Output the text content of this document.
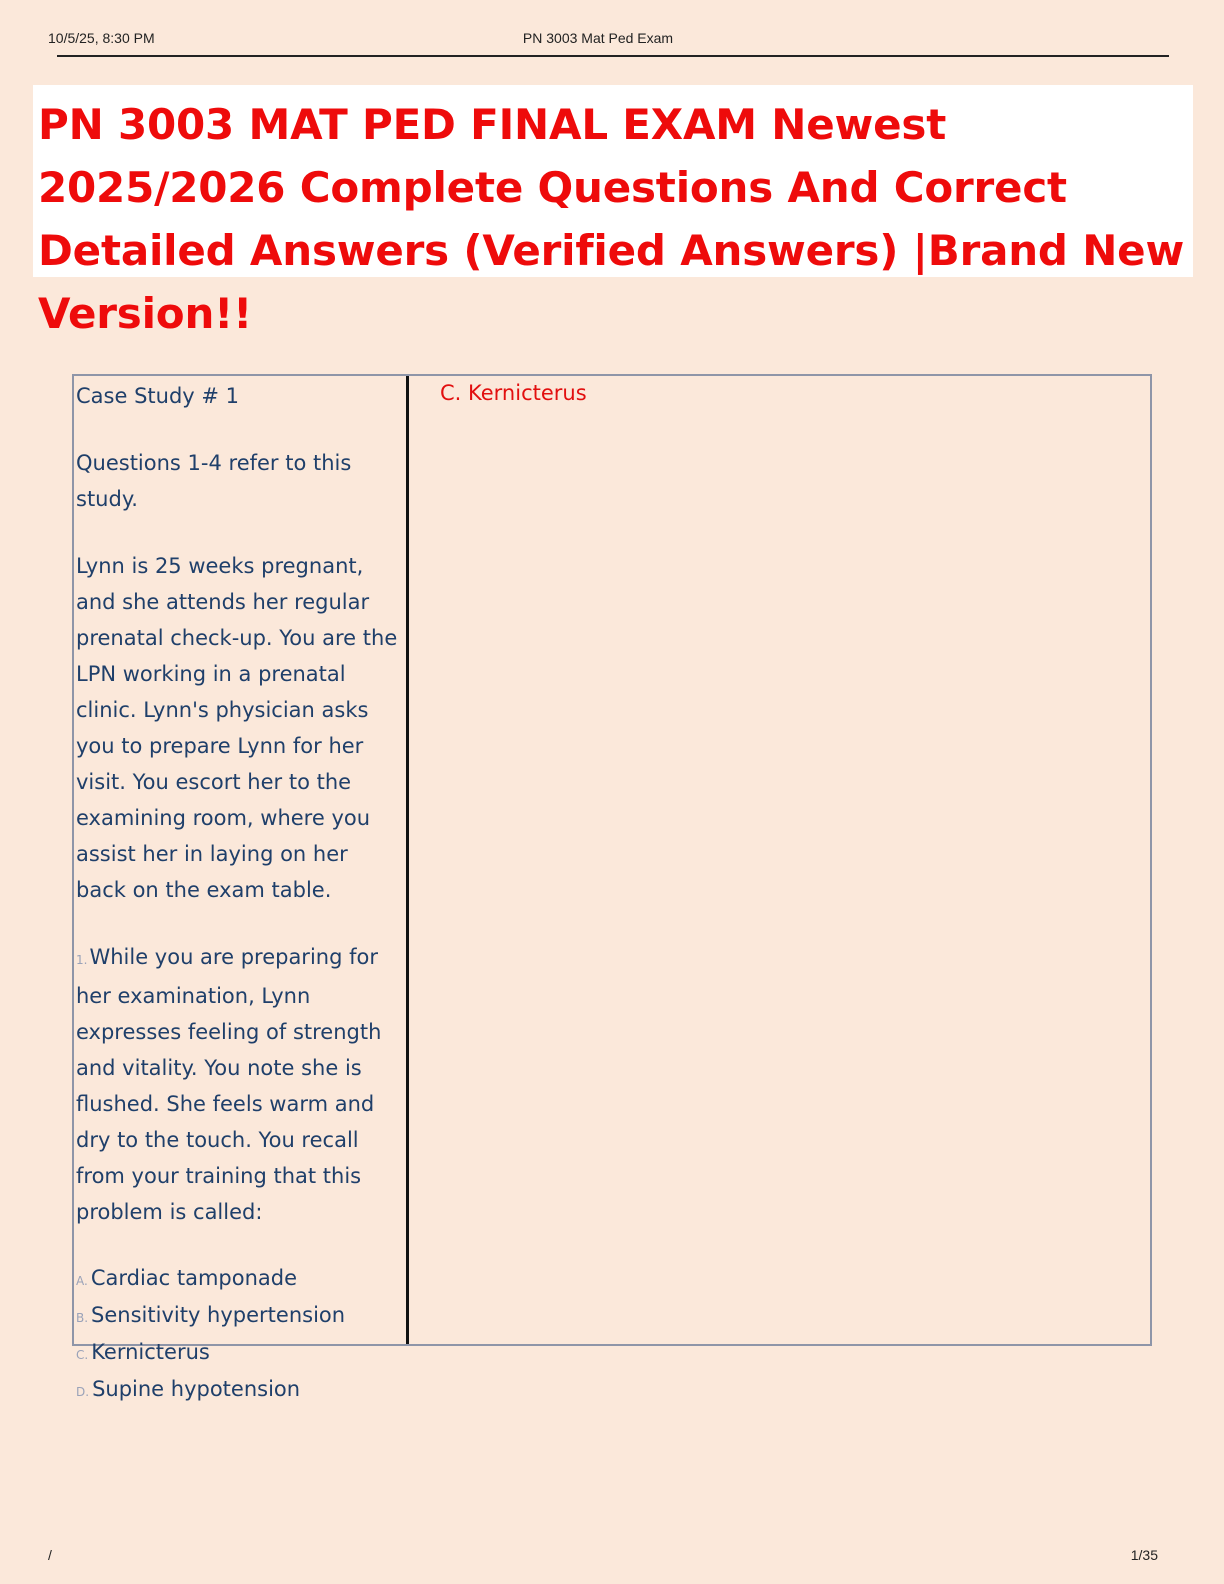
10/5/25, 8:30 PM	PN 3003 Mat Ped Exam
PN 3003 MAT PED FINAL EXAM Newest 2025/2026 Complete Questions And Correct Detailed Answers (Verified Answers) |Brand New Version!!

Case Study # 1

Questions 1-4 refer to this study.

Lynn is 25 weeks pregnant, and she attends her regular prenatal check-up. You are the LPN working in a prenatal clinic. Lynn's physician asks you to prepare Lynn for her visit. You escort her to the examining room, where you assist her in laying on her back on the exam table.

1.While you are preparing for her examination, Lynn expresses feeling of strength and vitality. You note she is flushed. She feels warm and dry to the touch. You recall from your training that this problem is called:

A. Cardiac tamponade
B. Sensitivity hypertension
C. Kernicterus
D. Supine hypotension
C. Kernicterus
/	1/35
